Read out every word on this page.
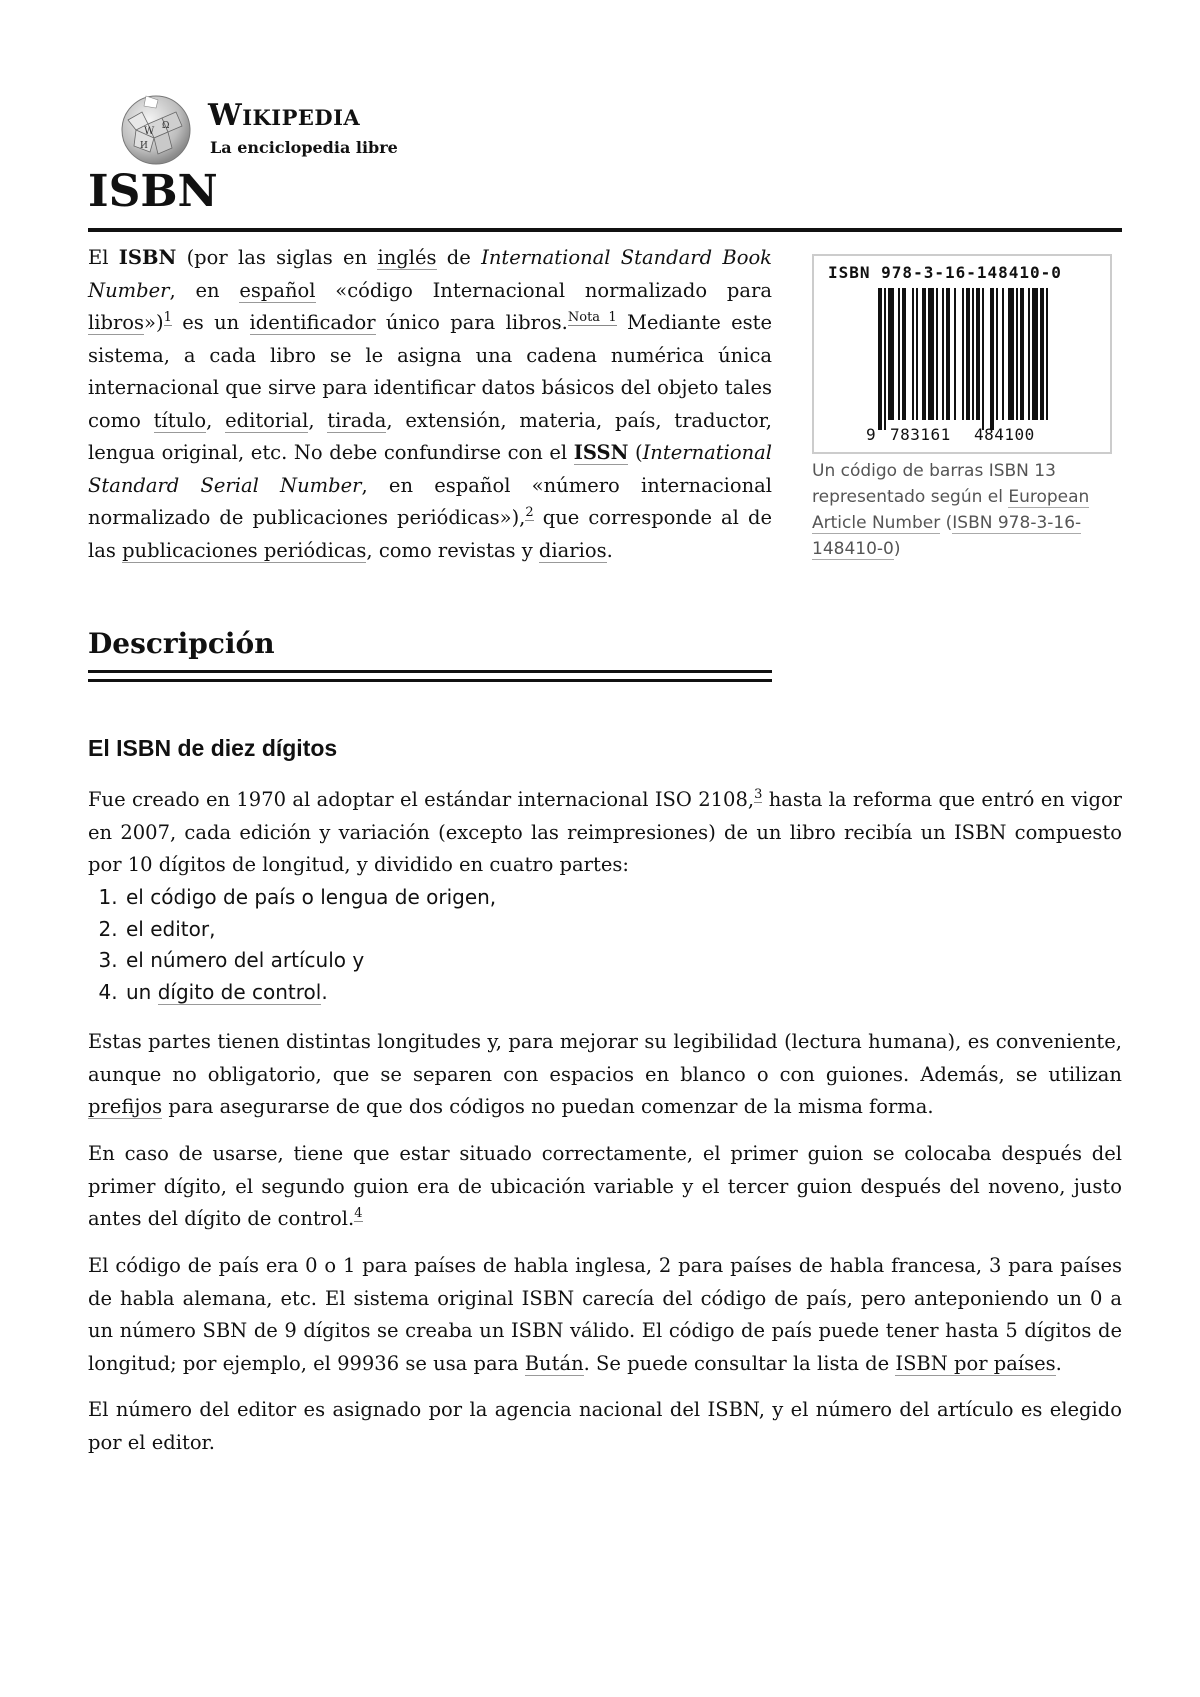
W Ω
И
Wikipedia
La enciclopedia libre
ISBN

El ISBN (por las siglas en inglés de International Standard Book Number, en español «código Internacional normalizado para libros»)$^1$ es un identificador único para libros.$^{Nota 1}$ Mediante este sistema, a cada libro se le asigna una cadena numérica única internacional que sirve para identificar datos básicos del objeto tales como título, editorial, tirada, extensión, materia, país, traductor, lengua original, etc. No debe confundirse con el ISSN (International Standard Serial Number, en español «número internacional normalizado de publicaciones periódicas»),$^2$ que corresponde al de las publicaciones periódicas, como revistas y diarios.

ISBN 978-3-16-148410-0
9 783161 484100
Un código de barras ISBN 13 representado según el European Article Number (ISBN 978-3-16-148410-0)
Descripción
El ISBN de diez dígitos

Fue creado en 1970 al adoptar el estándar internacional ISO 2108,$^3$ hasta la reforma que entró en vigor en 2007, cada edición y variación (excepto las reimpresiones) de un libro recibía un ISBN compuesto por 10 dígitos de longitud, y dividido en cuatro partes:

1. el código de país o lengua de origen,
2. el editor,
3. el número del artículo y
4. un dígito de control.

Estas partes tienen distintas longitudes y, para mejorar su legibilidad (lectura humana), es conveniente, aunque no obligatorio, que se separen con espacios en blanco o con guiones. Además, se utilizan prefijos para asegurarse de que dos códigos no puedan comenzar de la misma forma.

En caso de usarse, tiene que estar situado correctamente, el primer guion se colocaba después del primer dígito, el segundo guion era de ubicación variable y el tercer guion después del noveno, justo antes del dígito de control.$^4$

El código de país era 0 o 1 para países de habla inglesa, 2 para países de habla francesa, 3 para países de habla alemana, etc. El sistema original ISBN carecía del código de país, pero anteponiendo un 0 a un número SBN de 9 dígitos se creaba un ISBN válido. El código de país puede tener hasta 5 dígitos de longitud; por ejemplo, el 99936 se usa para Bután. Se puede consultar la lista de ISBN por países.

El número del editor es asignado por la agencia nacional del ISBN, y el número del artículo es elegido por el editor.
